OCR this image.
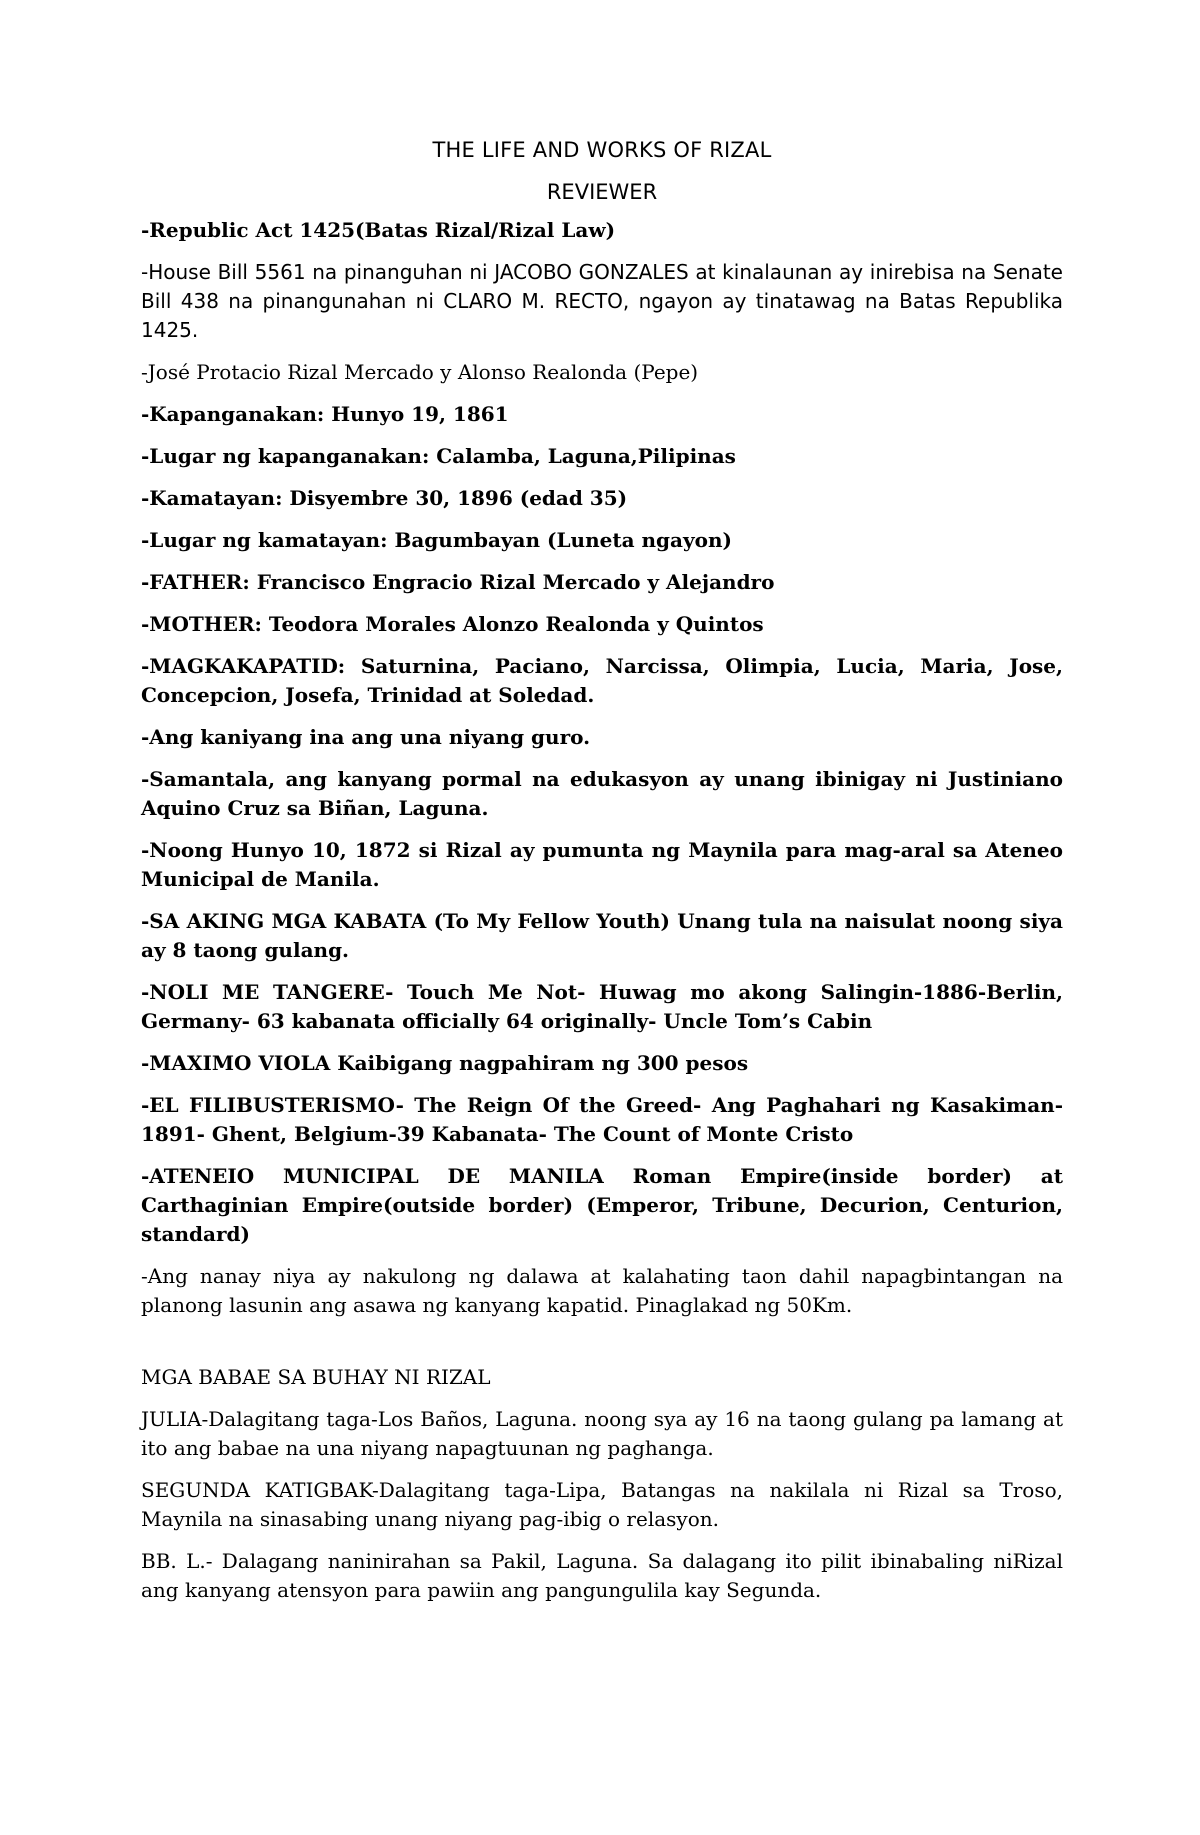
THE LIFE AND WORKS OF RIZAL
REVIEWER

-Republic Act 1425(Batas Rizal/Rizal Law)

-House Bill 5561 na pinanguhan ni JACOBO GONZALES at kinalaunan ay inirebisa na Senate Bill 438 na pinangunahan ni CLARO M. RECTO, ngayon ay tinatawag na Batas Republika 1425.

-José Protacio Rizal Mercado y Alonso Realonda (Pepe)

-Kapanganakan: Hunyo 19, 1861

-Lugar ng kapanganakan: Calamba, Laguna,Pilipinas

-Kamatayan: Disyembre 30, 1896 (edad 35)

-Lugar ng kamatayan: Bagumbayan (Luneta ngayon)

-FATHER: Francisco Engracio Rizal Mercado y Alejandro

-MOTHER: Teodora Morales Alonzo Realonda y Quintos

-MAGKAKAPATID: Saturnina, Paciano, Narcissa, Olimpia, Lucia, Maria, Jose, Concepcion, Josefa, Trinidad at Soledad.

-Ang kaniyang ina ang una niyang guro.

-Samantala, ang kanyang pormal na edukasyon ay unang ibinigay ni Justiniano Aquino Cruz sa Biñan, Laguna.

-Noong Hunyo 10, 1872 si Rizal ay pumunta ng Maynila para mag-aral sa Ateneo Municipal de Manila.

-SA AKING MGA KABATA (To My Fellow Youth) Unang tula na naisulat noong siya ay 8 taong gulang.

-NOLI ME TANGERE- Touch Me Not- Huwag mo akong Salingin-1886-Berlin, Germany- 63 kabanata officially 64 originally- Uncle Tom’s Cabin

-MAXIMO VIOLA Kaibigang nagpahiram ng 300 pesos

-EL FILIBUSTERISMO- The Reign Of the Greed- Ang Paghahari ng Kasakiman- 1891- Ghent, Belgium-39 Kabanata- The Count of Monte Cristo

-ATENEIO MUNICIPAL DE MANILA Roman Empire(inside border) at Carthaginian Empire(outside border) (Emperor, Tribune, Decurion, Centurion, standard)

-Ang nanay niya ay nakulong ng dalawa at kalahating taon dahil napagbintangan na planong lasunin ang asawa ng kanyang kapatid. Pinaglakad ng 50Km.

MGA BABAE SA BUHAY NI RIZAL

JULIA-Dalagitang taga-Los Baños, Laguna. noong sya ay 16 na taong gulang pa lamang at ito ang babae na una niyang napagtuunan ng paghanga.

SEGUNDA KATIGBAK-Dalagitang taga-Lipa, Batangas na nakilala ni Rizal sa Troso, Maynila na sinasabing unang niyang pag-ibig o relasyon.

BB. L.- Dalagang naninirahan sa Pakil, Laguna. Sa dalagang ito pilit ibinabaling niRizal ang kanyang atensyon para pawiin ang pangungulila kay Segunda.
